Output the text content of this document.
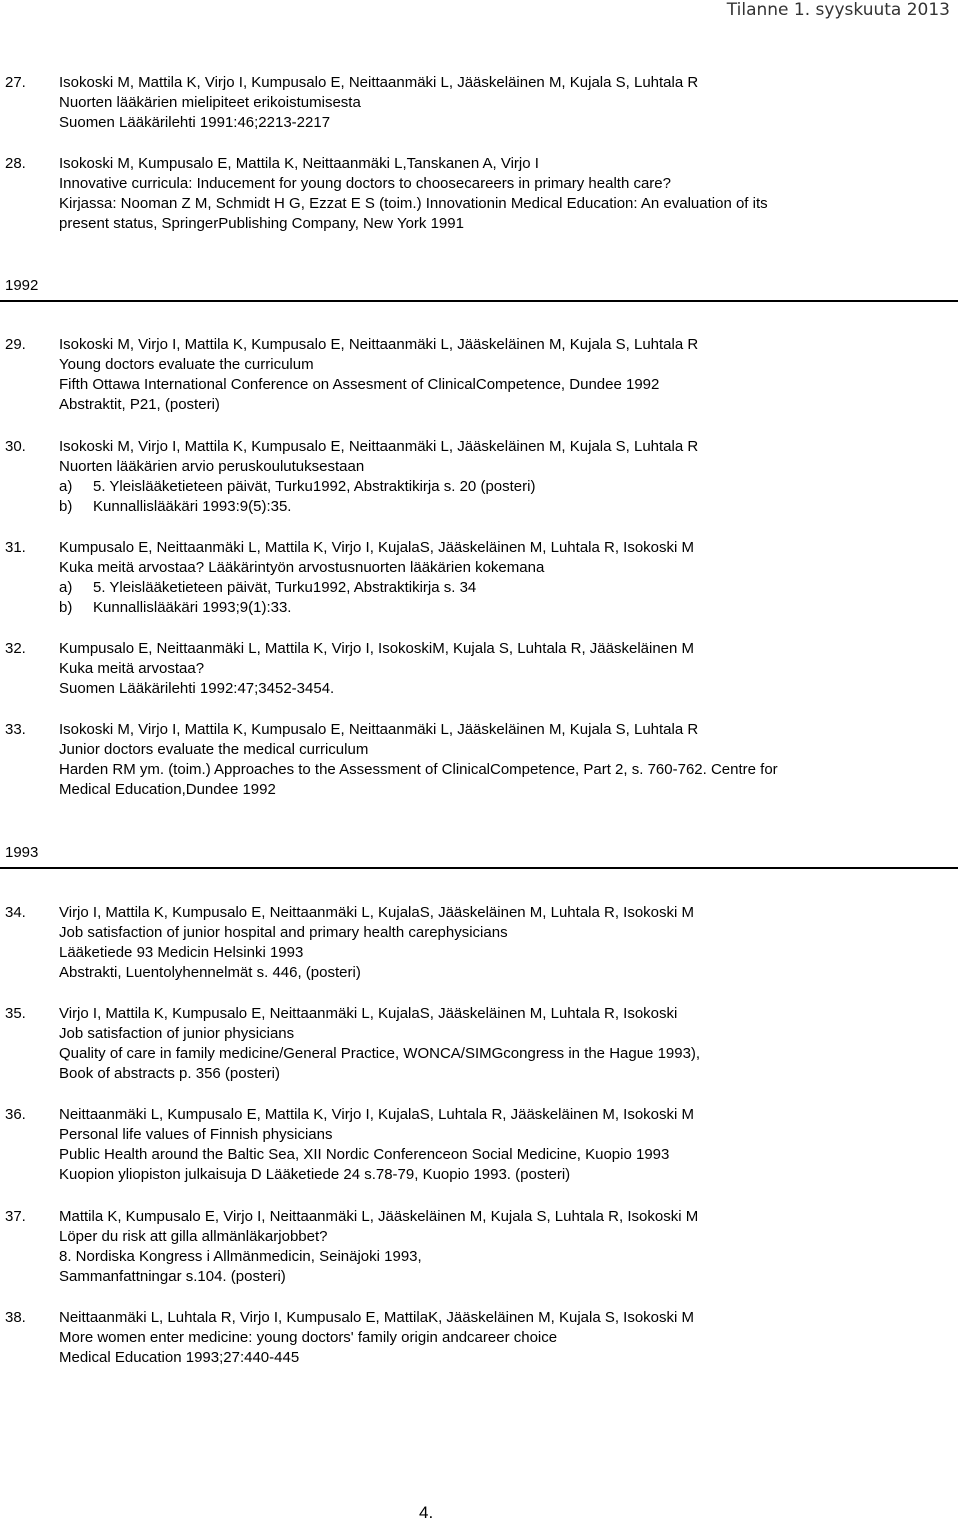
Tilanne 1. syyskuuta 2013
27. Isokoski M, Mattila K, Virjo I, Kumpusalo E, Neittaanmäki L, Jääskeläinen M, Kujala S, Luhtala R
Nuorten lääkärien mielipiteet erikoistumisesta
Suomen Lääkärilehti 1991:46;2213-2217
28. Isokoski M, Kumpusalo E, Mattila K, Neittaanmäki L,Tanskanen A, Virjo I
Innovative curricula: Inducement for young doctors to choosecareers in primary health care?
Kirjassa: Nooman Z M, Schmidt H G, Ezzat E S (toim.) Innovationin Medical Education: An evaluation of its
present status, SpringerPublishing Company, New York 1991
1992
29. Isokoski M, Virjo I, Mattila K, Kumpusalo E, Neittaanmäki L, Jääskeläinen M, Kujala S, Luhtala R
Young doctors evaluate the curriculum
Fifth Ottawa International Conference on Assesment of ClinicalCompetence, Dundee 1992
Abstraktit, P21, (posteri)
30. Isokoski M, Virjo I, Mattila K, Kumpusalo E, Neittaanmäki L, Jääskeläinen M, Kujala S, Luhtala R
Nuorten lääkärien arvio peruskoulutuksestaan
a) 5. Yleislääketieteen päivät, Turku1992, Abstraktikirja s. 20 (posteri)
b) Kunnallislääkäri 1993:9(5):35.
31. Kumpusalo E, Neittaanmäki L, Mattila K, Virjo I, KujalaS, Jääskeläinen M, Luhtala R, Isokoski M
Kuka meitä arvostaa? Lääkärintyön arvostusnuorten lääkärien kokemana
a) 5. Yleislääketieteen päivät, Turku1992, Abstraktikirja s. 34
b) Kunnallislääkäri 1993;9(1):33.
32. Kumpusalo E, Neittaanmäki L, Mattila K, Virjo I, IsokoskiM, Kujala S, Luhtala R, Jääskeläinen M
Kuka meitä arvostaa?
Suomen Lääkärilehti 1992:47;3452-3454.
33. Isokoski M, Virjo I, Mattila K, Kumpusalo E, Neittaanmäki L, Jääskeläinen M, Kujala S, Luhtala R
Junior doctors evaluate the medical curriculum
Harden RM ym. (toim.) Approaches to the Assessment of ClinicalCompetence, Part 2, s. 760-762. Centre for
Medical Education,Dundee 1992
1993
34. Virjo I, Mattila K, Kumpusalo E, Neittaanmäki L, KujalaS, Jääskeläinen M, Luhtala R, Isokoski M
Job satisfaction of junior hospital and primary health carephysicians
Lääketiede 93 Medicin Helsinki 1993
Abstrakti, Luentolyhennelmät s. 446, (posteri)
35. Virjo I, Mattila K, Kumpusalo E, Neittaanmäki L, KujalaS, Jääskeläinen M, Luhtala R, Isokoski
Job satisfaction of junior physicians
Quality of care in family medicine/General Practice, WONCA/SIMGcongress in the Hague 1993),
Book of abstracts p. 356 (posteri)
36. Neittaanmäki L, Kumpusalo E, Mattila K, Virjo I, KujalaS, Luhtala R, Jääskeläinen M, Isokoski M
Personal life values of Finnish physicians
Public Health around the Baltic Sea, XII Nordic Conferenceon Social Medicine, Kuopio 1993
Kuopion yliopiston julkaisuja D Lääketiede 24 s.78-79, Kuopio 1993. (posteri)
37. Mattila K, Kumpusalo E, Virjo I, Neittaanmäki L, Jääskeläinen M, Kujala S, Luhtala R, Isokoski M
Löper du risk att gilla allmänläkarjobbet?
8. Nordiska Kongress i Allmänmedicin, Seinäjoki 1993,
Sammanfattningar s.104. (posteri)
38. Neittaanmäki L, Luhtala R, Virjo I, Kumpusalo E, MattilaK, Jääskeläinen M, Kujala S, Isokoski M
More women enter medicine: young doctors' family origin andcareer choice
Medical Education 1993;27:440-445
4.
